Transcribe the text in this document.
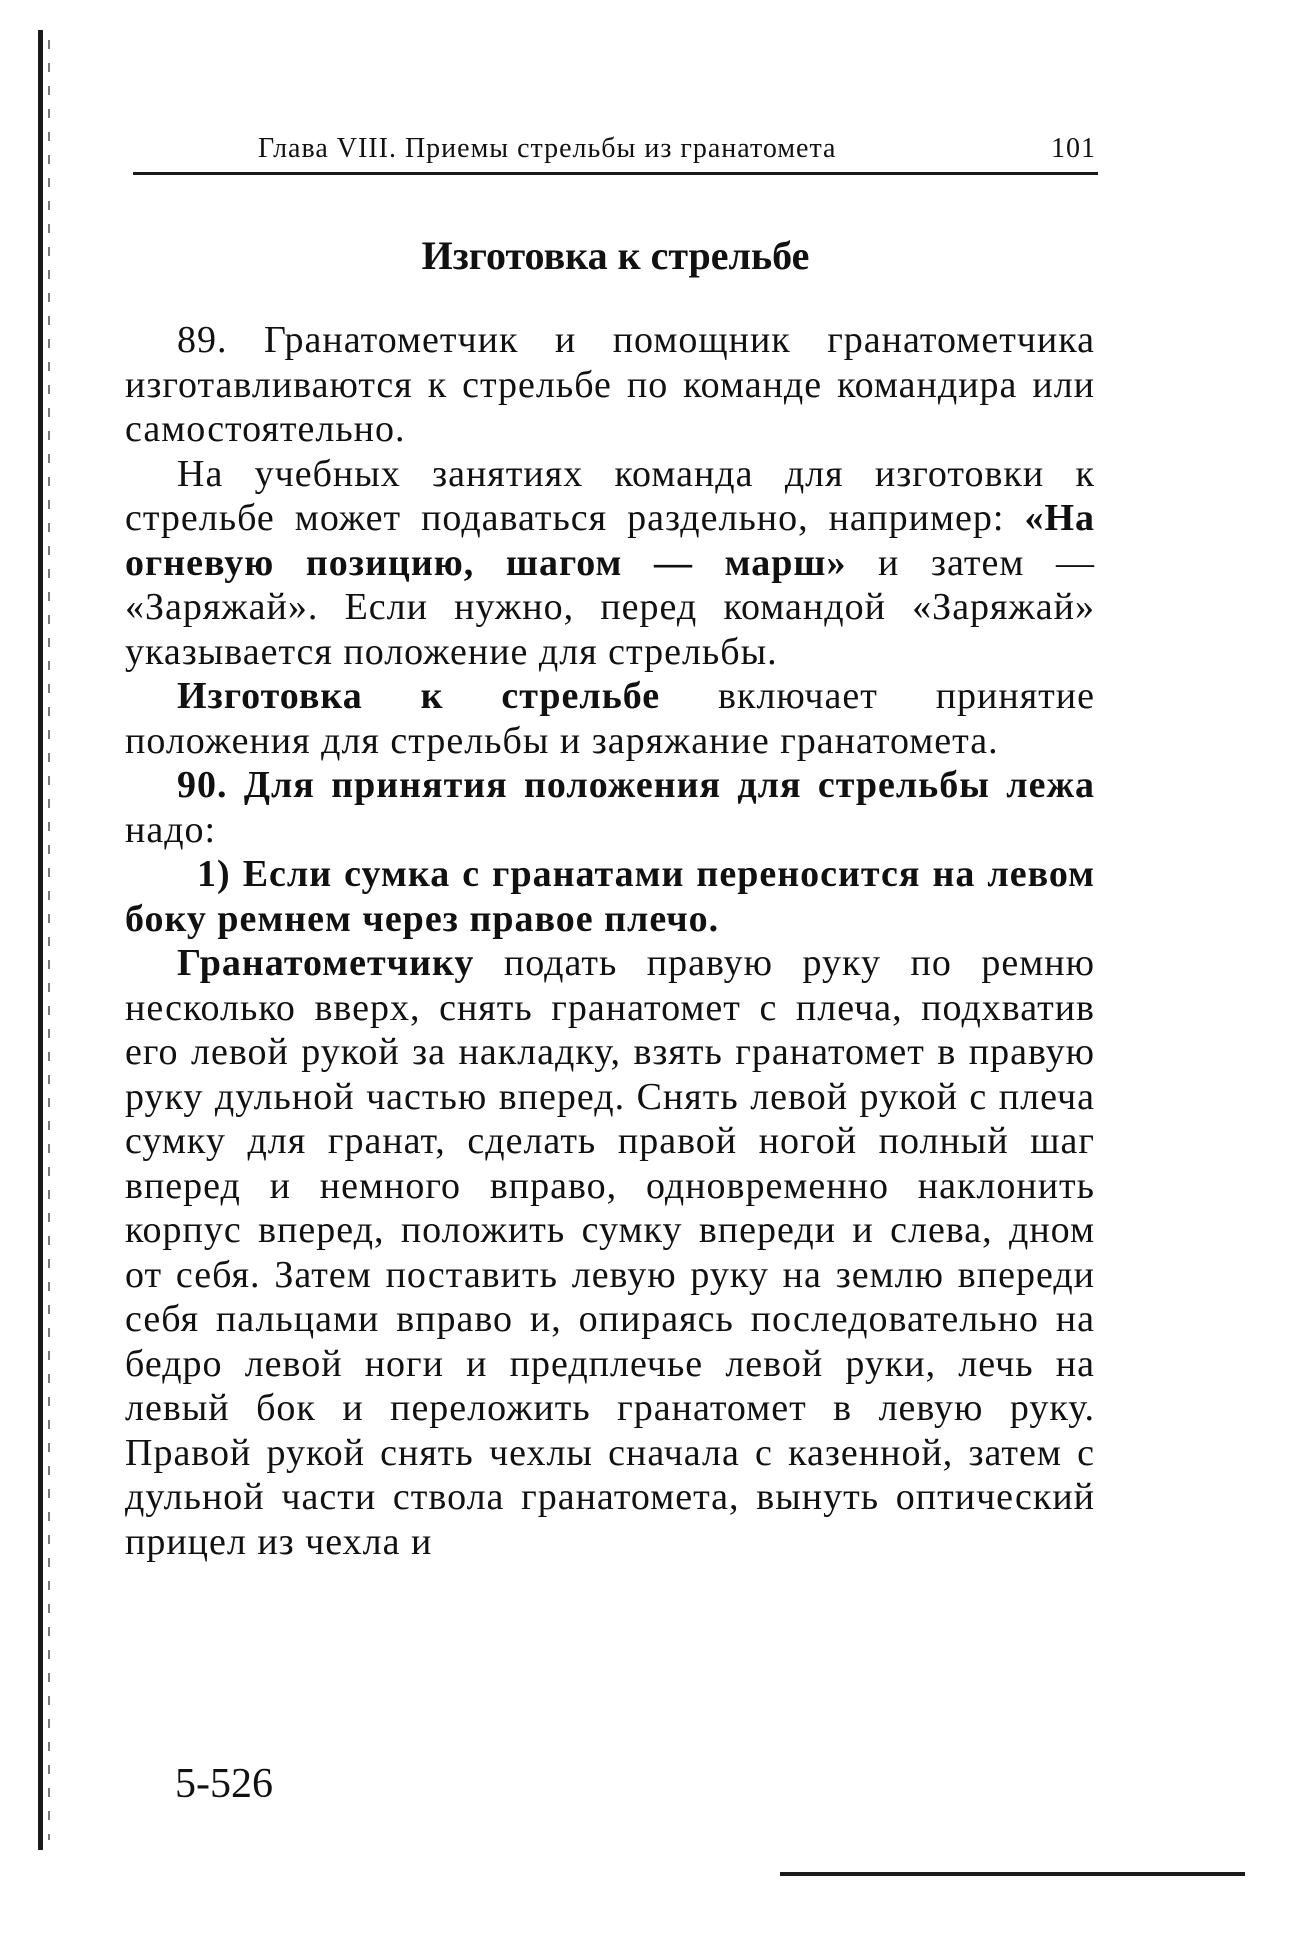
Глава VIII. Приемы стрельбы из гранатомета	101
Изготовка к стрельбе

89. Гранатометчик и помощник гранатометчика изготавливаются к стрельбе по команде командира или самостоятельно.

На учебных занятиях команда для изготовки к стрельбе может подаваться раздельно, например: «На огневую позицию, шагом — марш» и затем — «Заряжай». Если нужно, перед командой «Заряжай» указывается положение для стрельбы.

Изготовка к стрельбе включает принятие положения для стрельбы и заряжание гранатомета.

90. Для принятия положения для стрельбы лежа надо:

1) Если сумка с гранатами переносится на левом боку ремнем через правое плечо.

Гранатометчику подать правую руку по ремню несколько вверх, снять гранатомет с плеча, подхватив его левой рукой за накладку, взять гранатомет в правую руку дульной частью вперед. Снять левой рукой с плеча сумку для гранат, сделать правой ногой полный шаг вперед и немного вправо, одновременно наклонить корпус вперед, положить сумку впереди и слева, дном от себя. Затем поставить левую руку на землю впереди себя пальцами вправо и, опираясь последовательно на бедро левой ноги и предплечье левой руки, лечь на левый бок и переложить гранатомет в левую руку. Правой рукой снять чехлы сначала с казенной, затем с дульной части ствола гранатомета, вынуть оптический прицел из чехла и

5-526
